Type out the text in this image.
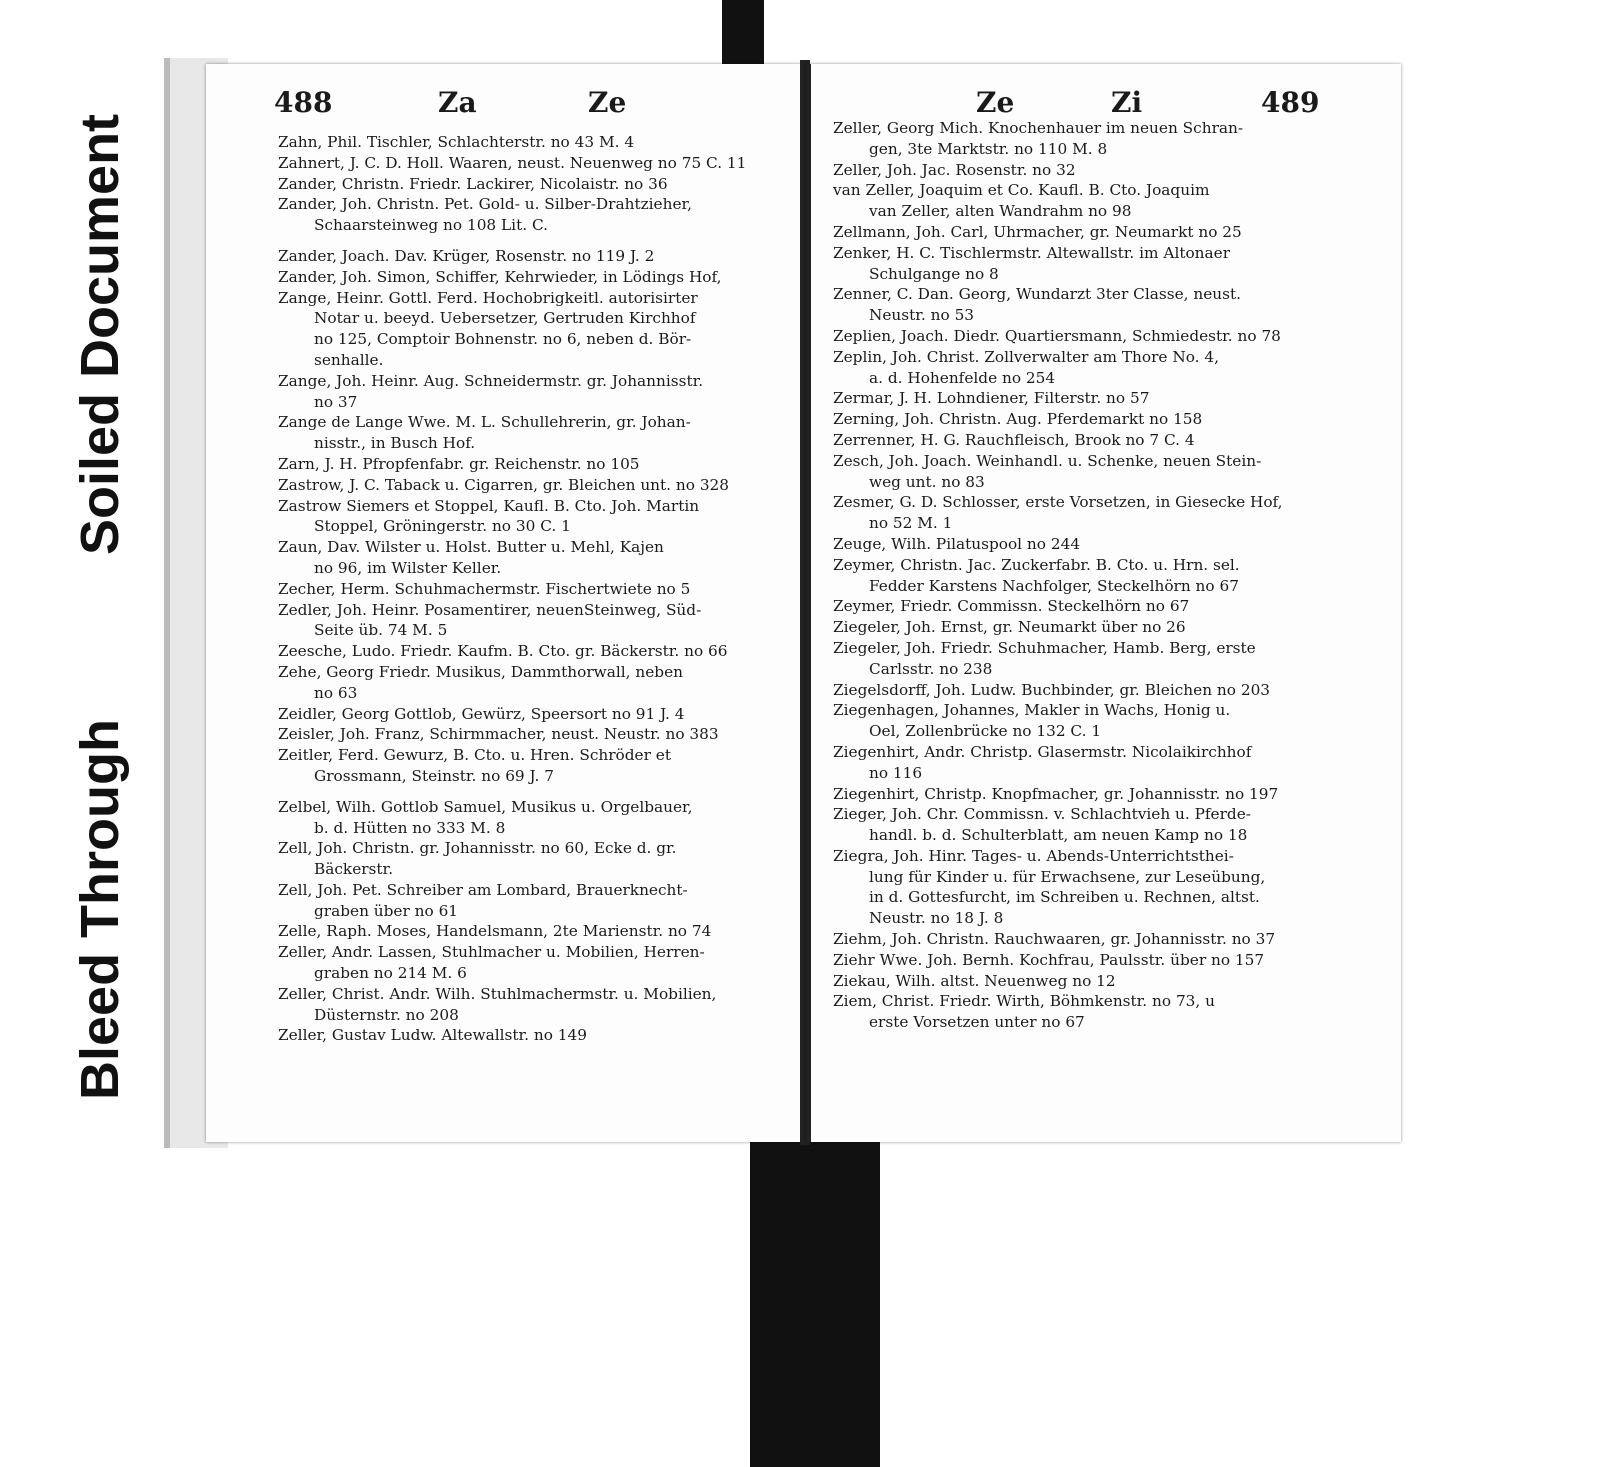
Soiled Document
Bleed Through
488	Za	Ze
Zahn, Phil. Tischler, Schlachterstr. no 43 M. 4
Zahnert, J. C. D. Holl. Waaren, neust. Neuenweg no 75 C. 11
Zander, Christn. Friedr. Lackirer, Nicolaistr. no 36
Zander, Joh. Christn. Pet. Gold- u. Silber-Drahtzieher,
Schaarsteinweg no 108 Lit. C.
Zander, Joach. Dav. Krüger, Rosenstr. no 119 J. 2
Zander, Joh. Simon, Schiffer, Kehrwieder, in Lödings Hof,
Zange, Heinr. Gottl. Ferd. Hochobrigkeitl. autorisirter
Notar u. beeyd. Uebersetzer, Gertruden Kirchhof
no 125, Comptoir Bohnenstr. no 6, neben d. Bör-
senhalle.
Zange, Joh. Heinr. Aug. Schneidermstr. gr. Johannisstr.
no 37
Zange de Lange Wwe. M. L. Schullehrerin, gr. Johan-
nisstr., in Busch Hof.
Zarn, J. H. Pfropfenfabr. gr. Reichenstr. no 105
Zastrow, J. C. Taback u. Cigarren, gr. Bleichen unt. no 328
Zastrow Siemers et Stoppel, Kaufl. B. Cto. Joh. Martin
Stoppel, Gröningerstr. no 30 C. 1
Zaun, Dav. Wilster u. Holst. Butter u. Mehl, Kajen
no 96, im Wilster Keller.
Zecher, Herm. Schuhmachermstr. Fischertwiete no 5
Zedler, Joh. Heinr. Posamentirer, neuenSteinweg, Süd-
Seite üb. 74 M. 5
Zeesche, Ludo. Friedr. Kaufm. B. Cto. gr. Bäckerstr. no 66
Zehe, Georg Friedr. Musikus, Dammthorwall, neben
no 63
Zeidler, Georg Gottlob, Gewürz, Speersort no 91 J. 4
Zeisler, Joh. Franz, Schirmmacher, neust. Neustr. no 383
Zeitler, Ferd. Gewurz, B. Cto. u. Hren. Schröder et
Grossmann, Steinstr. no 69 J. 7
Zelbel, Wilh. Gottlob Samuel, Musikus u. Orgelbauer,
b. d. Hütten no 333 M. 8
Zell, Joh. Christn. gr. Johannisstr. no 60, Ecke d. gr.
Bäckerstr.
Zell, Joh. Pet. Schreiber am Lombard, Brauerknecht-
graben über no 61
Zelle, Raph. Moses, Handelsmann, 2te Marienstr. no 74
Zeller, Andr. Lassen, Stuhlmacher u. Mobilien, Herren-
graben no 214 M. 6
Zeller, Christ. Andr. Wilh. Stuhlmachermstr. u. Mobilien,
Düsternstr. no 208
Zeller, Gustav Ludw. Altewallstr. no 149
Ze	Zi	489
Zeller, Georg Mich. Knochenhauer im neuen Schran-
gen, 3te Marktstr. no 110 M. 8
Zeller, Joh. Jac. Rosenstr. no 32
van Zeller, Joaquim et Co. Kaufl. B. Cto. Joaquim
van Zeller, alten Wandrahm no 98
Zellmann, Joh. Carl, Uhrmacher, gr. Neumarkt no 25
Zenker, H. C. Tischlermstr. Altewallstr. im Altonaer
Schulgange no 8
Zenner, C. Dan. Georg, Wundarzt 3ter Classe, neust.
Neustr. no 53
Zeplien, Joach. Diedr. Quartiersmann, Schmiedestr. no 78
Zeplin, Joh. Christ. Zollverwalter am Thore No. 4,
a. d. Hohenfelde no 254
Zermar, J. H. Lohndiener, Filterstr. no 57
Zerning, Joh. Christn. Aug. Pferdemarkt no 158
Zerrenner, H. G. Rauchfleisch, Brook no 7 C. 4
Zesch, Joh. Joach. Weinhandl. u. Schenke, neuen Stein-
weg unt. no 83
Zesmer, G. D. Schlosser, erste Vorsetzen, in Giesecke Hof,
no 52 M. 1
Zeuge, Wilh. Pilatuspool no 244
Zeymer, Christn. Jac. Zuckerfabr. B. Cto. u. Hrn. sel.
Fedder Karstens Nachfolger, Steckelhörn no 67
Zeymer, Friedr. Commissn. Steckelhörn no 67
Ziegeler, Joh. Ernst, gr. Neumarkt über no 26
Ziegeler, Joh. Friedr. Schuhmacher, Hamb. Berg, erste
Carlsstr. no 238
Ziegelsdorff, Joh. Ludw. Buchbinder, gr. Bleichen no 203
Ziegenhagen, Johannes, Makler in Wachs, Honig u.
Oel, Zollenbrücke no 132 C. 1
Ziegenhirt, Andr. Christp. Glasermstr. Nicolaikirchhof
no 116
Ziegenhirt, Christp. Knopfmacher, gr. Johannisstr. no 197
Zieger, Joh. Chr. Commissn. v. Schlachtvieh u. Pferde-
handl. b. d. Schulterblatt, am neuen Kamp no 18
Ziegra, Joh. Hinr. Tages- u. Abends-Unterrichtsthei-
lung für Kinder u. für Erwachsene, zur Leseübung,
in d. Gottesfurcht, im Schreiben u. Rechnen, altst.
Neustr. no 18 J. 8
Ziehm, Joh. Christn. Rauchwaaren, gr. Johannisstr. no 37
Ziehr Wwe. Joh. Bernh. Kochfrau, Paulsstr. über no 157
Ziekau, Wilh. altst. Neuenweg no 12
Ziem, Christ. Friedr. Wirth, Böhmkenstr. no 73, u
erste Vorsetzen unter no 67
